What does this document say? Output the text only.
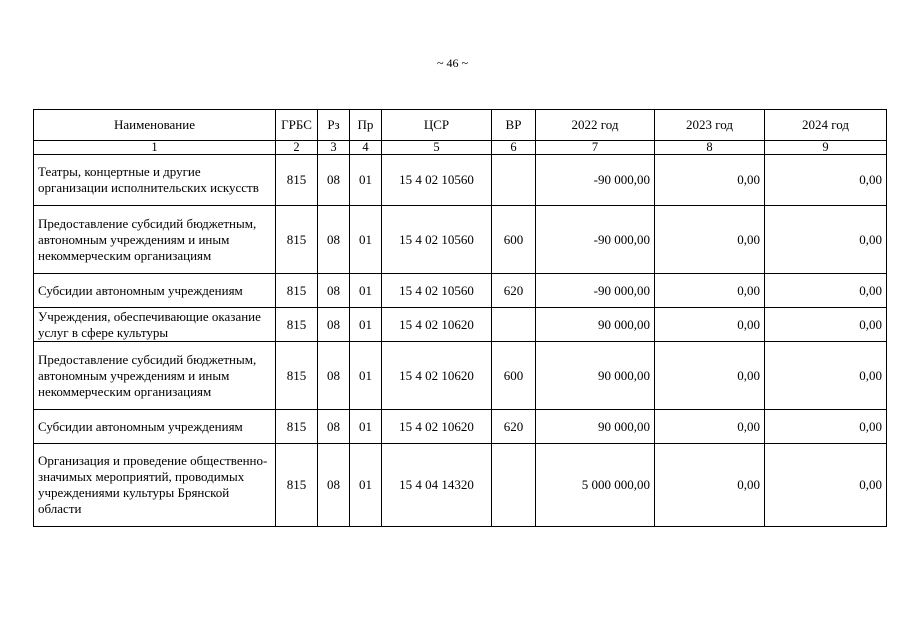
~ 46 ~
Наименование	ГРБС	Рз	Пр	ЦСР	ВР	2022 год	2023 год	2024 год
1	2	3	4	5	6	7	8	9
Театры, концертные и другие организации исполнительских искусств	815	08	01	15 4 02 10560		-90 000,00	0,00	0,00
Предоставление субсидий бюджетным, автономным учреждениям и иным некоммерческим организациям	815	08	01	15 4 02 10560	600	-90 000,00	0,00	0,00
Субсидии автономным учреждениям	815	08	01	15 4 02 10560	620	-90 000,00	0,00	0,00
Учреждения, обеспечивающие оказание услуг в сфере культуры	815	08	01	15 4 02 10620		90 000,00	0,00	0,00
Предоставление субсидий бюджетным, автономным учреждениям и иным некоммерческим организациям	815	08	01	15 4 02 10620	600	90 000,00	0,00	0,00
Субсидии автономным учреждениям	815	08	01	15 4 02 10620	620	90 000,00	0,00	0,00
Организация и проведение общественно-значимых мероприятий, проводимых учреждениями культуры Брянской области	815	08	01	15 4 04 14320		5 000 000,00	0,00	0,00
